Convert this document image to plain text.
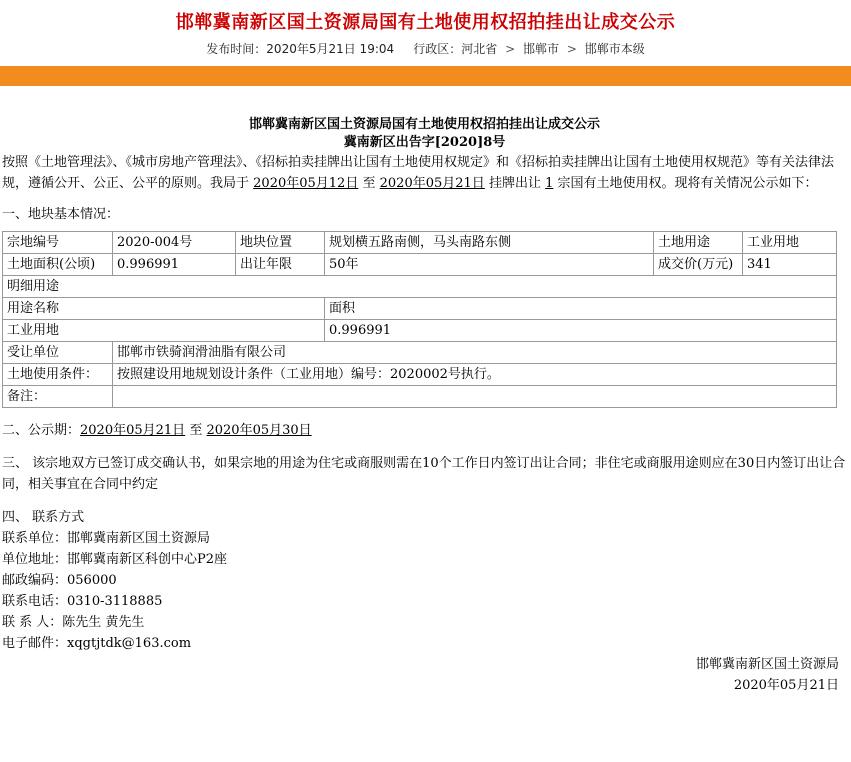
邯郸冀南新区国土资源局国有土地使用权招拍挂出让成交公示
发布时间：2020年5月21日 19:04 行政区：河北省 > 邯郸市 > 邯郸市本级
邯郸冀南新区国土资源局国有土地使用权招拍挂出让成交公示
冀南新区出告字[2020]8号

按照《土地管理法》、《城市房地产管理法》、《招标拍卖挂牌出让国有土地使用权规定》和《招标拍卖挂牌出让国有土地使用权规范》等有关法律法规，遵循公开、公正、公平的原则。我局于 2020年05月12日 至 2020年05月21日 挂牌出让 1 宗国有土地使用权。现将有关情况公示如下：

一、地块基本情况：
宗地编号	2020-004号	地块位置	规划横五路南侧，马头南路东侧	土地用途	工业用地
土地面积(公顷)	0.996991	出让年限	50年	成交价(万元)	341
明细用途					
用途名称			面积		
工业用地			0.996991		
受让单位	邯郸市铁骑润滑油脂有限公司				
土地使用条件：	按照建设用地规划设计条件（工业用地）编号：2020002号执行。				
备注：					

二、公示期：2020年05月21日 至 2020年05月30日

三、 该宗地双方已签订成交确认书，如果宗地的用途为住宅或商服则需在10个工作日内签订出让合同；非住宅或商服用途则应在30日内签订出让合同，相关事宜在合同中约定

四、 联系方式
联系单位：邯郸冀南新区国土资源局
单位地址：邯郸冀南新区科创中心P2座
邮政编码：056000
联系电话：0310-3118885
联 系 人：陈先生 黄先生
电子邮件：xqgtjtdk@163.com
邯郸冀南新区国土资源局
2020年05月21日
